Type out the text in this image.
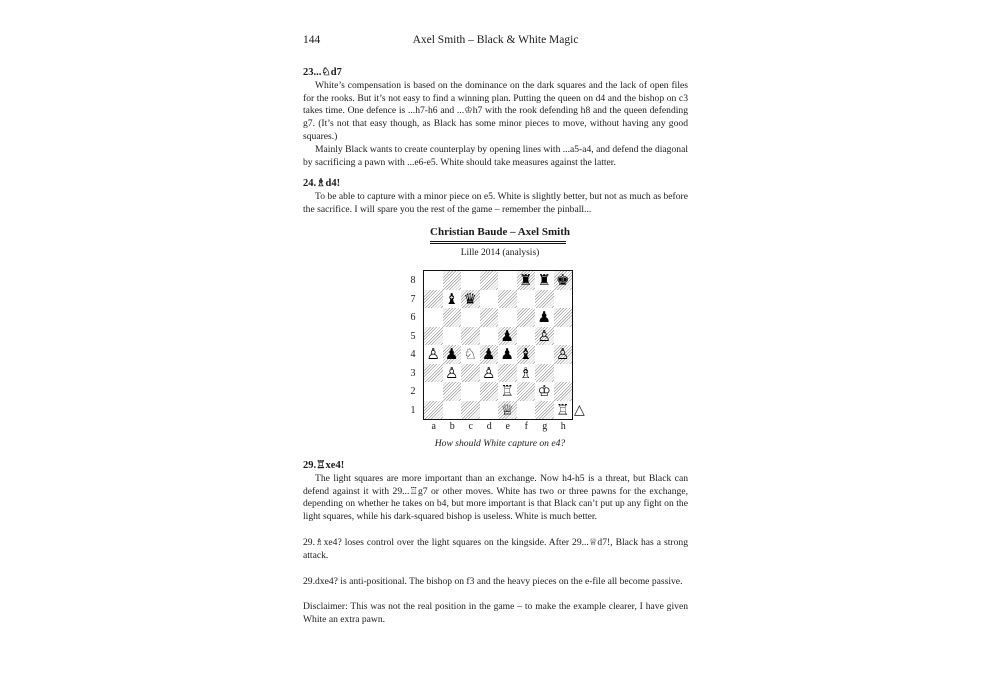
144	Axel Smith – Black & White Magic

23...♘d7

White’s compensation is based on the dominance on the dark squares and the lack of open files for the rooks. But it’s not easy to find a winning plan. Putting the queen on d4 and the bishop on c3 takes time. One defence is ...h7-h6 and ...♔h7 with the rook defending h8 and the queen defending g7. (It’s not that easy though, as Black has some minor pieces to move, without having any good squares.)

Mainly Black wants to create counterplay by opening lines with ...a5-a4, and defend the diagonal by sacrificing a pawn with ...e6-e5. White should take measures against the latter.

24.♗d4!

To be able to capture with a minor piece on e5. White is slightly better, but not as much as before the sacrifice. I will spare you the rest of the game – remember the pinball...

Christian Baude – Axel Smith
Lille 2014 (analysis)
♜ ♜ ♚
♝ ♛
♟
♟ ♙
♙ ♟ ♘ ♟ ♟ ♝ ♙
♙ ♙ ♗
♖ ♔
♕	♖
8
7
6
5
4
3
2
1
a	b	c	d	e	f	g	h
△
How should White capture on e4?

29.♖xe4!

The light squares are more important than an exchange. Now h4-h5 is a threat, but Black can defend against it with 29...♖g7 or other moves. White has two or three pawns for the exchange, depending on whether he takes on b4, but more important is that Black can’t put up any fight on the light squares, while his dark-squared bishop is useless. White is much better.

29.♗xe4? loses control over the light squares on the kingside. After 29...♕d7!, Black has a strong attack.

29.dxe4? is anti-positional. The bishop on f3 and the heavy pieces on the e-file all become passive.

Disclaimer: This was not the real position in the game – to make the example clearer, I have given White an extra pawn.
